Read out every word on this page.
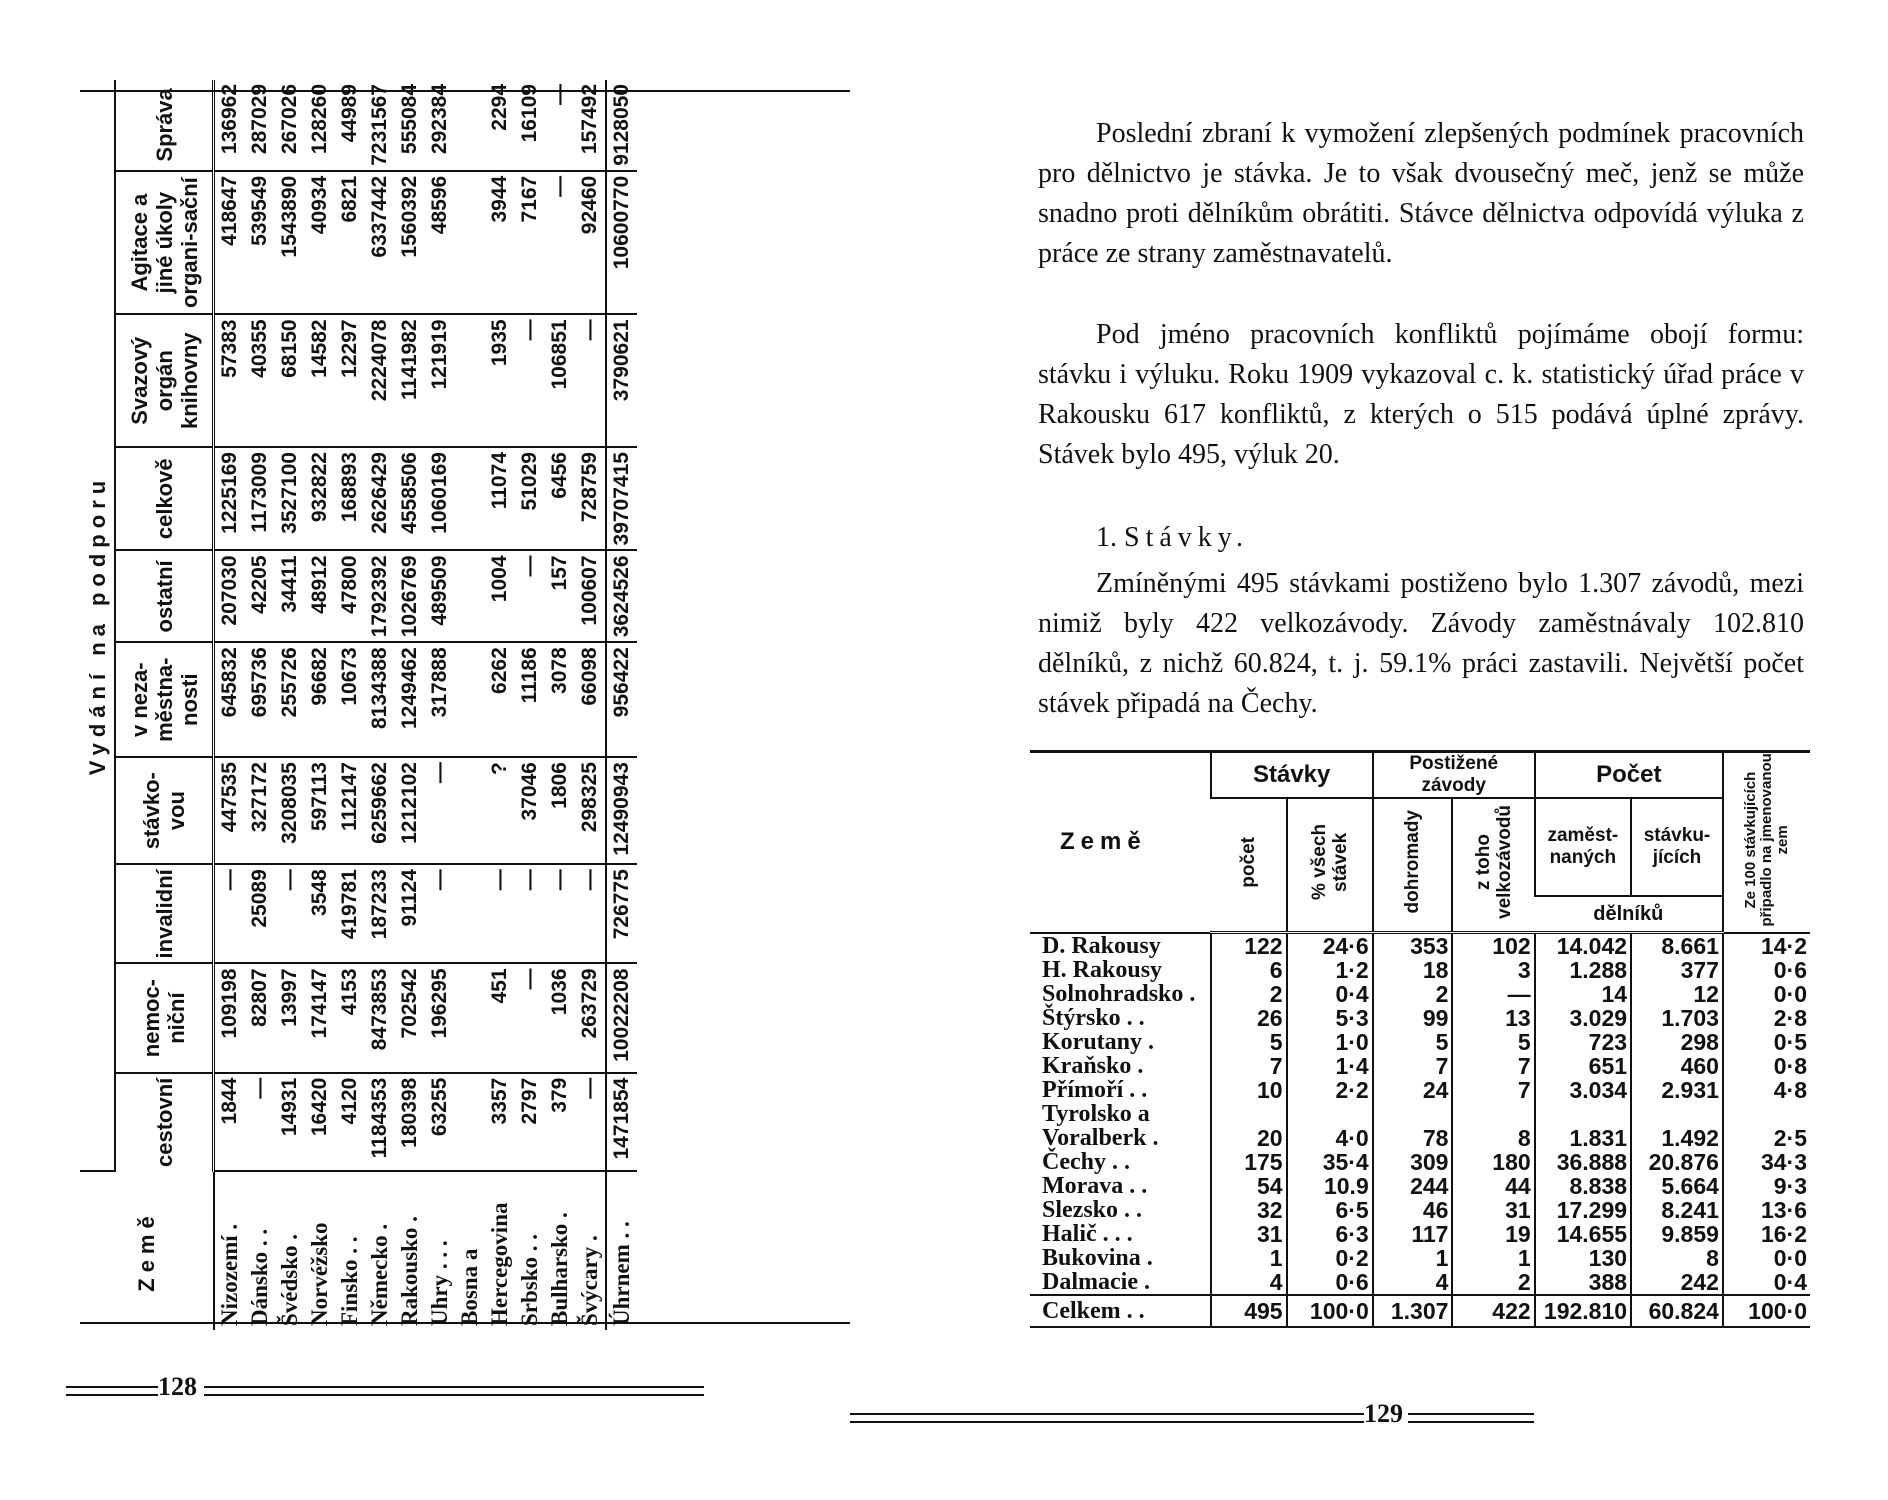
Země	Vydání na podporu									
	cestovní	nemoc-niční	invalidní	stávko-vou	v neza-městna-nosti	ostatní	celkově	Svazový orgán knihovny	Agitace a jiné úkoly organi-sační	Správa
Nizozemí .	1844	109198	—	447535	645832	207030	1225169	57383	418647	136962
Dánsko . .	—	82807	25089	327172	695736	42205	1173009	40355	539549	287029
Švédsko .	14931	13997	—	3208035	255726	34411	3527100	68150	1543890	267026
Norvéžsko	16420	174147	3548	597113	96682	48912	932822	14582	40934	128260
Finsko . .	4120	4153	419781	112147	10673	47800	168893	12297	6821	44989
Německo .	1184353	8473853	187233	6259662	8134388	1792392	2626429	2224078	6337442	7231567
Rakousko .	180398	702542	91124	1212102	1249462	1026769	4558506	1141982	1560392	555084
Uhry . . .	63255	196295	—	—	317888	489509	1060169	121919	48596	292384
Bosna a										
Hercegovina	3357	451	—	?	6262	1004	11074	1935	3944	2294
Srbsko . .	2797	—	—	37046	11186	—	51029	—	7167	16109
Bulharsko .	379	1036	—	1806	3078	157	6456	106851	—	—
Švýcary .	—	263729	—	298325	66098	100607	728759	—	92460	157492
Úhrnem . .	1471854	10022208	726775	12490943	956422	3624526	39707415	3790621	10600770	9128050
128
Poslední zbraní k vymožení zlepšených podmínek pracovních pro dělnictvo je stávka. Je to však dvousečný meč, jenž se může snadno proti dělníkům obrátiti. Stávce dělnictva odpovídá výluka z práce ze strany zaměstnavatelů.
Pod jméno pracovních konfliktů pojímáme obojí formu: stávku i výluku. Roku 1909 vykazoval c. k. statistický úřad práce v Rakousku 617 konfliktů, z kterých o 515 podává úplné zprávy. Stávek bylo 495, výluk 20.
1. Stávky.
Zmíněnými 495 stávkami postiženo bylo 1.307 závodů, mezi nimiž byly 422 velkozávody. Závody zaměstnávaly 102.810 dělníků, z nichž 60.824, t. j. 59.1% práci zastavili. Největší počet stávek připadá na Čechy.
Země	Stávky		Postižené závody		Počet		Ze 100 stávkujících připadlo na jmenovanou zem
	počet	% všech stávek	dohromady	z toho velkozávodů	zaměst-naných	stávku-jících	
					dělníků		
D. Rakousy	122	24·6	353	102	14.042	8.661	14·2
H. Rakousy	6	1·2	18	3	1.288	377	0·6
Solnohradsko .	2	0·4	2	—	14	12	0·0
Štýrsko . .	26	5·3	99	13	3.029	1.703	2·8
Korutany .	5	1·0	5	5	723	298	0·5
Kraňsko .	7	1·4	7	7	651	460	0·8
Přímoří . .	10	2·2	24	7	3.034	2.931	4·8
Tyrolsko a							
Voralberk .	20	4·0	78	8	1.831	1.492	2·5
Čechy . .	175	35·4	309	180	36.888	20.876	34·3
Morava . .	54	10.9	244	44	8.838	5.664	9·3
Slezsko . .	32	6·5	46	31	17.299	8.241	13·6
Halič . . .	31	6·3	117	19	14.655	9.859	16·2
Bukovina .	1	0·2	1	1	130	8	0·0
Dalmacie .	4	0·6	4	2	388	242	0·4
Celkem . .	495	100·0	1.307	422	192.810	60.824	100·0
129
